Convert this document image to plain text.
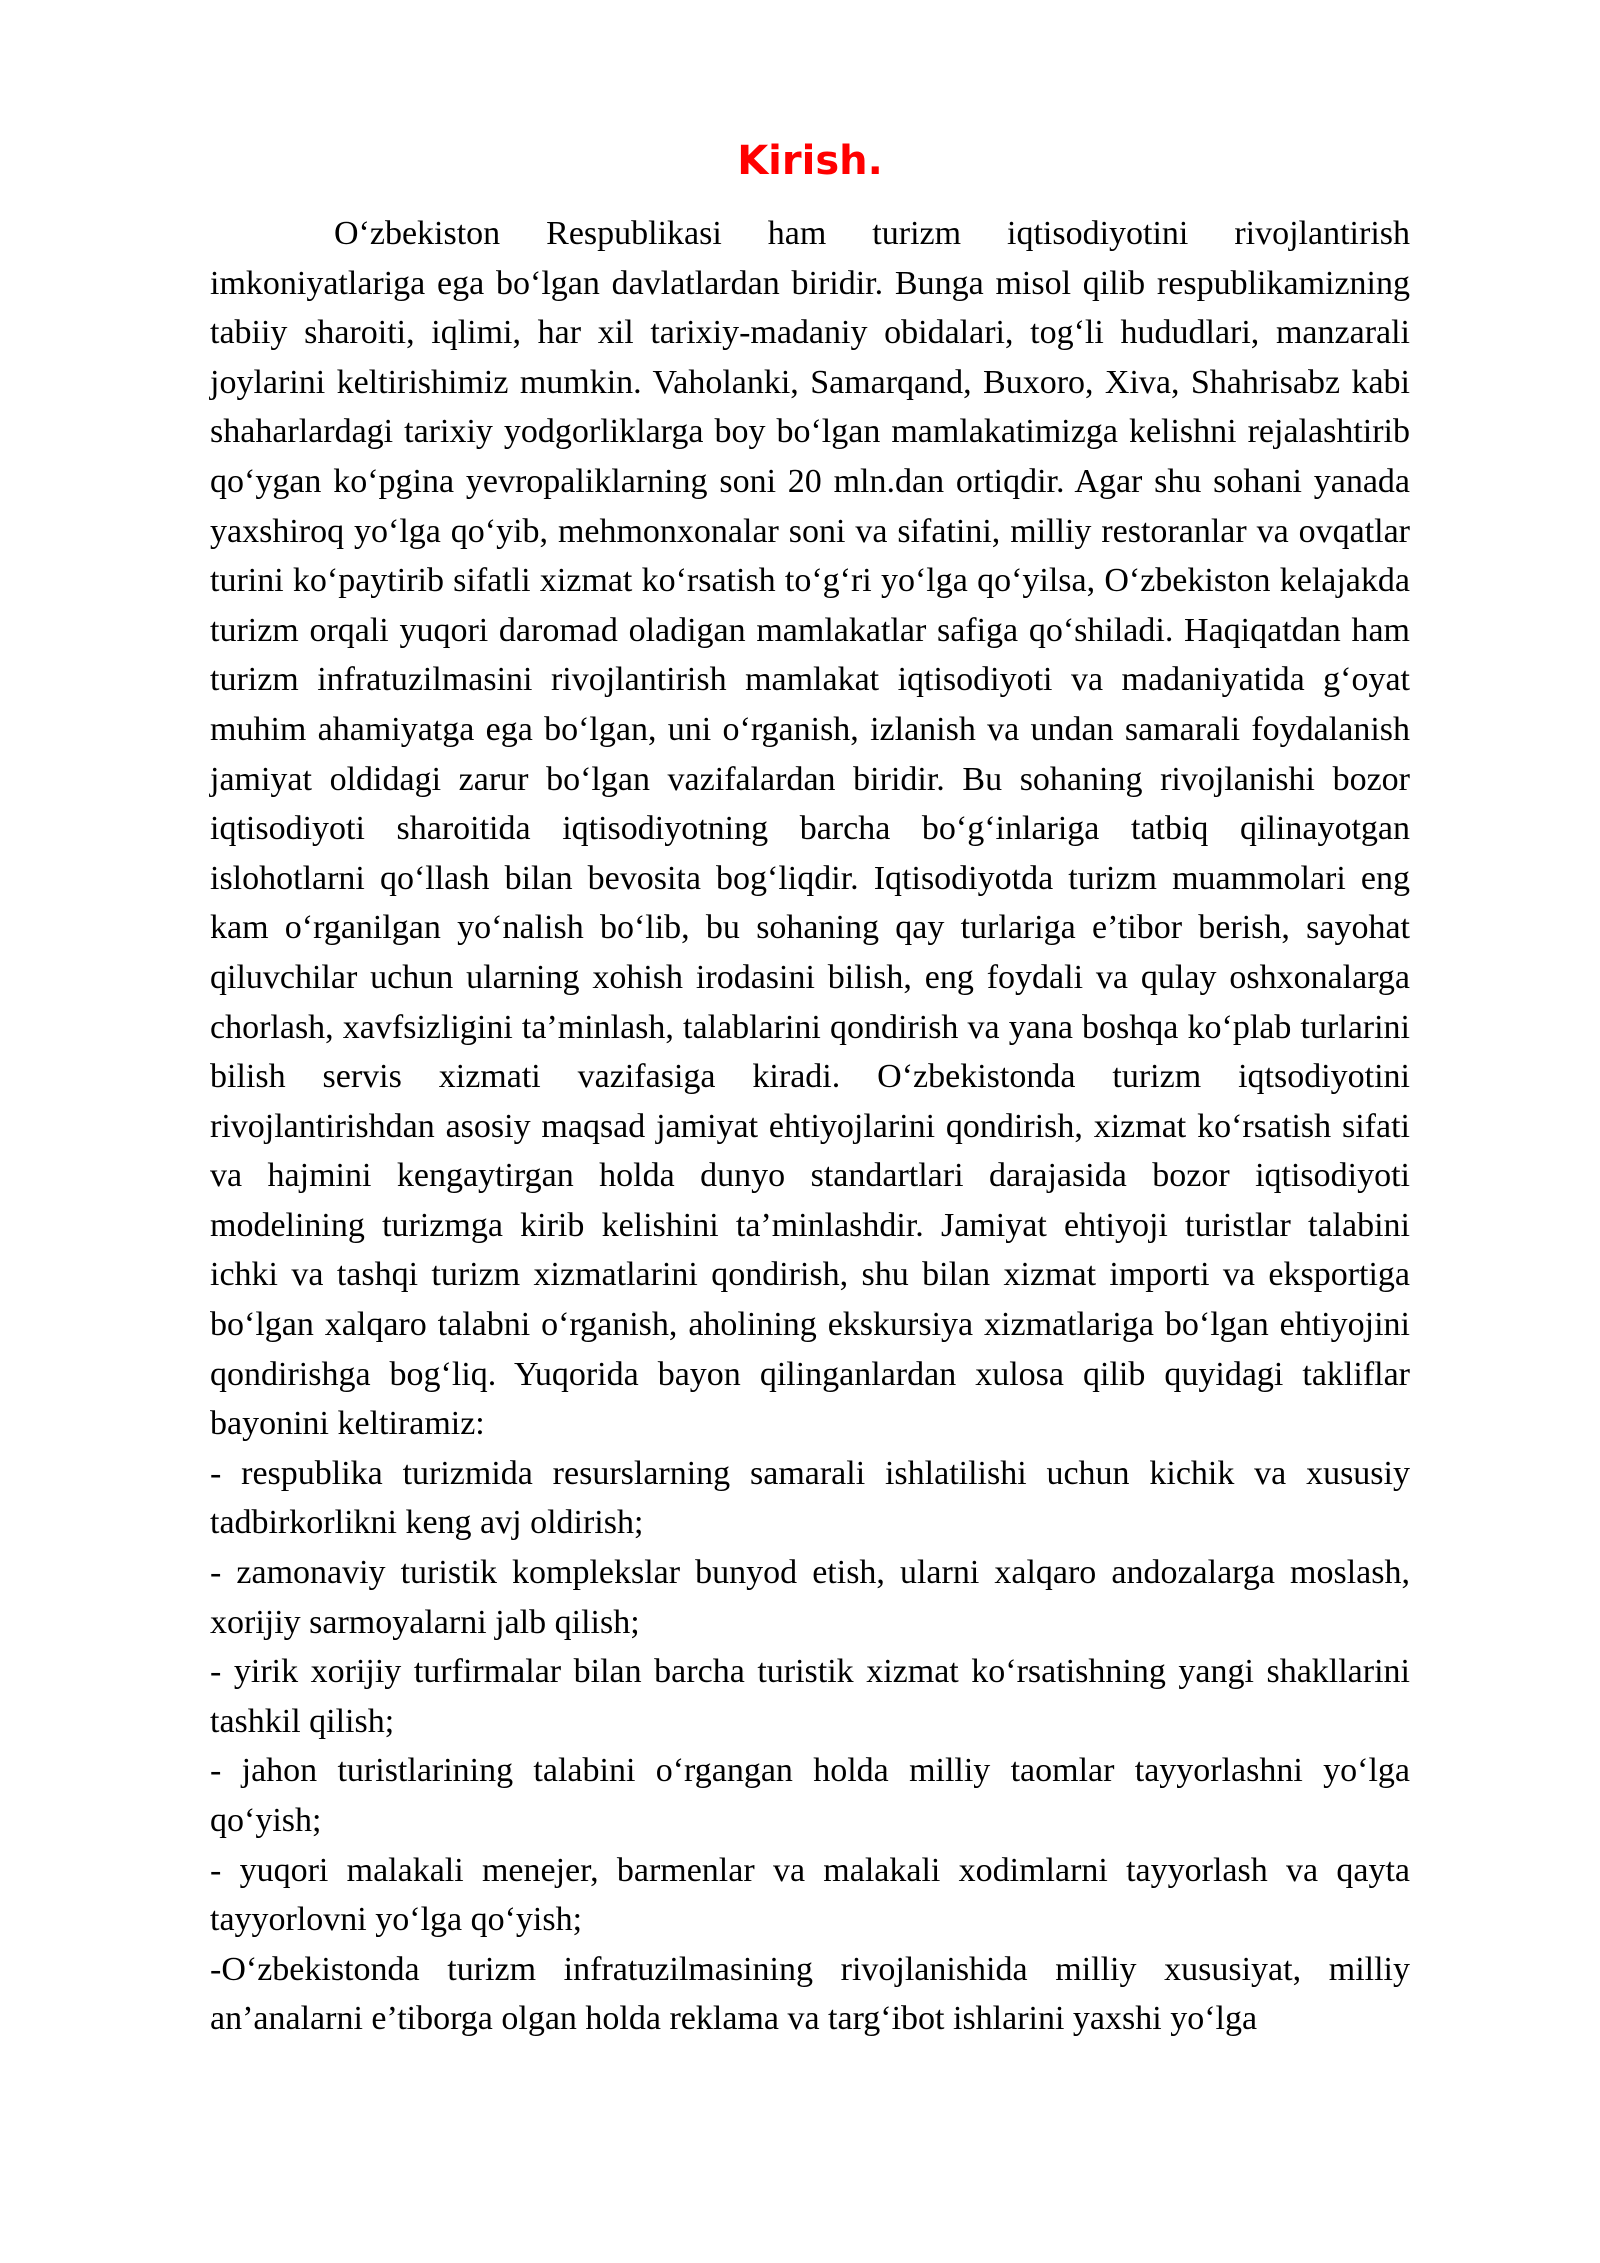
Kirish.

O‘zbekiston Respublikasi ham turizm iqtisodiyotini rivojlantirish imkoniyatlariga ega bo‘lgan davlatlardan biridir. Bunga misol qilib respublikamizning tabiiy sharoiti, iqlimi, har xil tarixiy-madaniy obidalari, tog‘li hududlari, manzarali joylarini keltirishimiz mumkin. Vaholanki, Samarqand, Buxoro, Xiva, Shahrisabz kabi shaharlardagi tarixiy yodgorliklarga boy bo‘lgan mamlakatimizga kelishni rejalashtirib qo‘ygan ko‘pgina yevropaliklarning soni 20 mln.dan ortiqdir. Agar shu sohani yanada yaxshiroq yo‘lga qo‘yib, mehmonxonalar soni va sifatini, milliy restoranlar va ovqatlar turini ko‘paytirib sifatli xizmat ko‘rsatish to‘g‘ri yo‘lga qo‘yilsa, O‘zbekiston kelajakda turizm orqali yuqori daromad oladigan mamlakatlar safiga qo‘shiladi. Haqiqatdan ham turizm infratuzilmasini rivojlantirish mamlakat iqtisodiyoti va madaniyatida g‘oyat muhim ahamiyatga ega bo‘lgan, uni o‘rganish, izlanish va undan samarali foydalanish jamiyat oldidagi zarur bo‘lgan vazifalardan biridir. Bu sohaning rivojlanishi bozor iqtisodiyoti sharoitida iqtisodiyotning barcha bo‘g‘inlariga tatbiq qilinayotgan islohotlarni qo‘llash bilan bevosita bog‘liqdir. Iqtisodiyotda turizm muammolari eng kam o‘rganilgan yo‘nalish bo‘lib, bu sohaning qay turlariga e’tibor berish, sayohat qiluvchilar uchun ularning xohish irodasini bilish, eng foydali va qulay oshxonalarga chorlash, xavfsizligini ta’minlash, talablarini qondirish va yana boshqa ko‘plab turlarini bilish servis xizmati vazifasiga kiradi. O‘zbekistonda turizm iqtsodiyotini rivojlantirishdan asosiy maqsad jamiyat ehtiyojlarini qondirish, xizmat ko‘rsatish sifati va hajmini kengaytirgan holda dunyo standartlari darajasida bozor iqtisodiyoti modelining turizmga kirib kelishini ta’minlashdir. Jamiyat ehtiyoji turistlar talabini ichki va tashqi turizm xizmatlarini qondirish, shu bilan xizmat importi va eksportiga bo‘lgan xalqaro talabni o‘rganish, aholining ekskursiya xizmatlariga bo‘lgan ehtiyojini qondirishga bog‘liq. Yuqorida bayon qilinganlardan xulosa qilib quyidagi takliflar bayonini keltiramiz:

- respublika turizmida resurslarning samarali ishlatilishi uchun kichik va xususiy tadbirkorlikni keng avj oldirish;

- zamonaviy turistik komplekslar bunyod etish, ularni xalqaro andozalarga moslash, xorijiy sarmoyalarni jalb qilish;

- yirik xorijiy turfirmalar bilan barcha turistik xizmat ko‘rsatishning yangi shakllarini tashkil qilish;

- jahon turistlarining talabini o‘rgangan holda milliy taomlar tayyorlashni yo‘lga qo‘yish;

- yuqori malakali menejer, barmenlar va malakali xodimlarni tayyorlash va qayta tayyorlovni yo‘lga qo‘yish;

-O‘zbekistonda turizm infratuzilmasining rivojlanishida milliy xususiyat, milliy an’analarni e’tiborga olgan holda reklama va targ‘ibot ishlarini yaxshi yo‘lga
